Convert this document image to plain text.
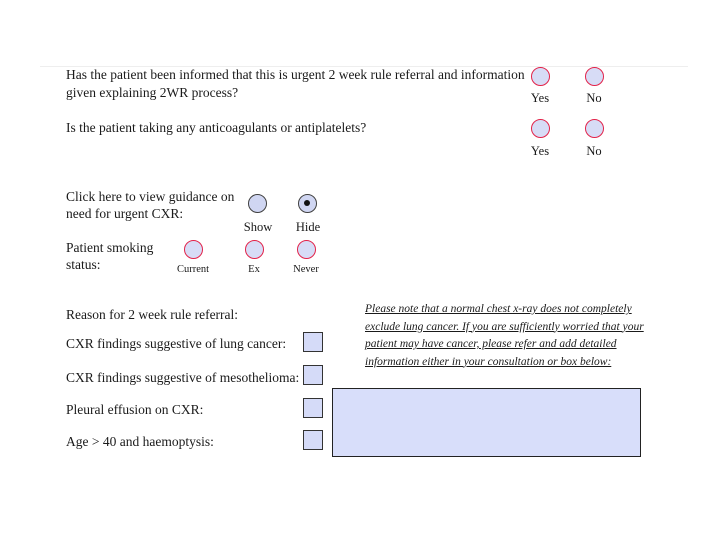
Has the patient been informed that this is urgent 2 week rule referral and information
given explaining 2WR process?	Yes	No
Is the patient taking any anticoagulants or antiplatelets?
Yes	No
Click here to view guidance on
need for urgent CXR:
Show	Hide
Patient smoking
status:	Current	Ex	Never
Reason for 2 week rule referral:
CXR findings suggestive of lung cancer:
CXR findings suggestive of mesothelioma:
Pleural effusion on CXR:
Age > 40 and haemoptysis:
Please note that a normal chest x-ray does not completely exclude lung cancer. If you are sufficiently worried that your patient may have cancer, please refer and add detailed information either in your consultation or box below:
